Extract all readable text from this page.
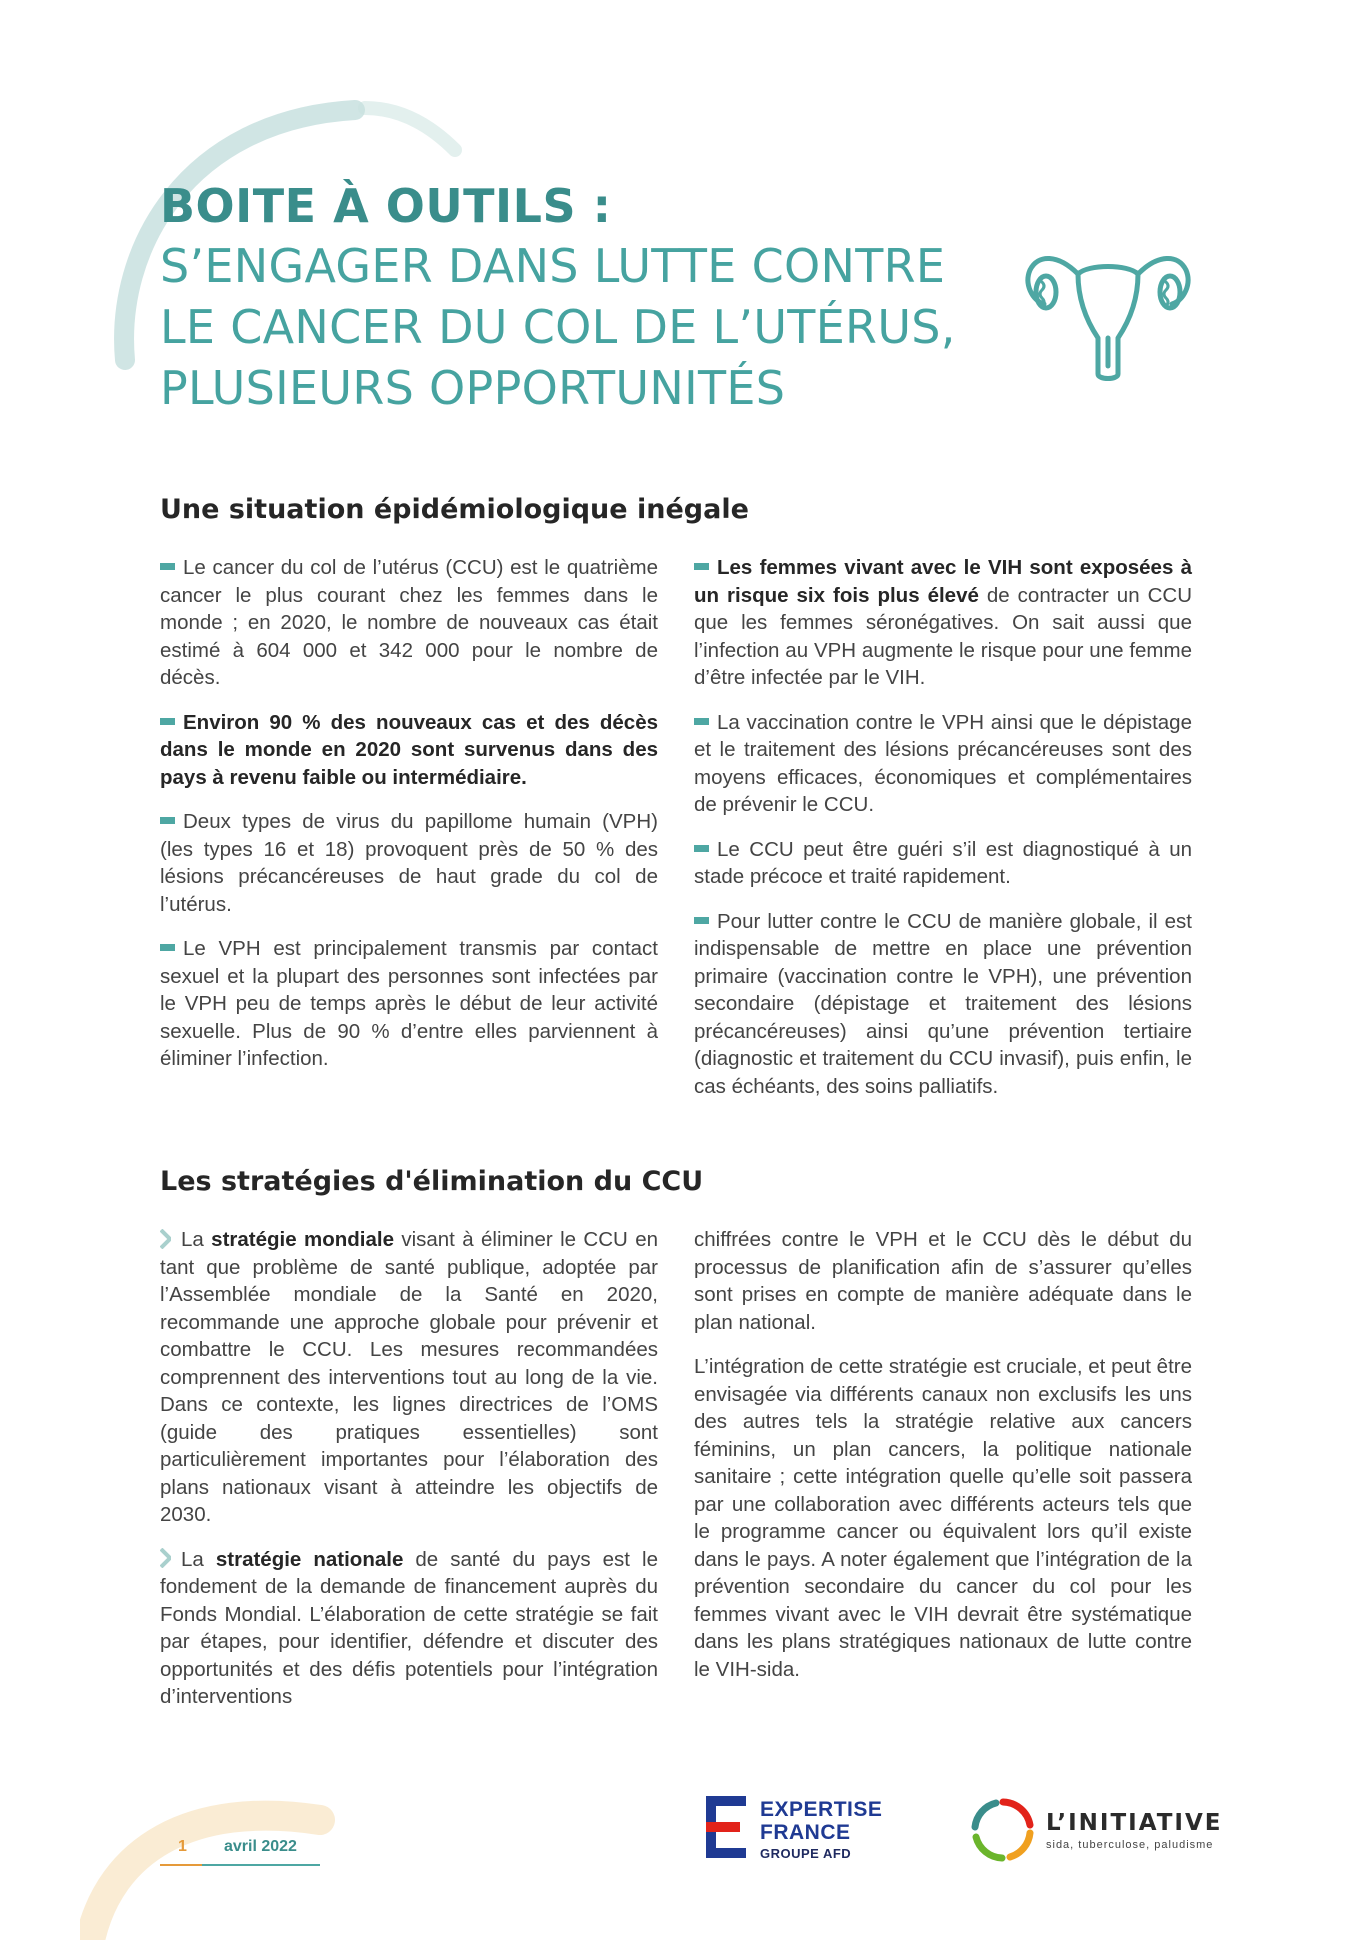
BOITE À OUTILS :
S’ENGAGER DANS LUTTE CONTRE
LE CANCER DU COL DE L’UTÉRUS,
PLUSIEURS OPPORTUNITÉS
Une situation épidémiologique inégale

Le cancer du col de l’utérus (CCU) est le quatrième cancer le plus courant chez les femmes dans le monde ; en 2020, le nombre de nouveaux cas était estimé à 604 000 et 342 000 pour le nombre de décès.

Environ 90 % des nouveaux cas et des décès dans le monde en 2020 sont survenus dans des pays à revenu faible ou intermédiaire.

Deux types de virus du papillome humain (VPH) (les types 16 et 18) provoquent près de 50 % des lésions précancéreuses de haut grade du col de l’utérus.

Le VPH est principalement transmis par contact sexuel et la plupart des personnes sont infectées par le VPH peu de temps après le début de leur activité sexuelle. Plus de 90 % d’entre elles parviennent à éliminer l’infection.

Les femmes vivant avec le VIH sont exposées à un risque six fois plus élevé de contracter un CCU que les femmes séronégatives. On sait aussi que l’infection au VPH augmente le risque pour une femme d’être infectée par le VIH.

La vaccination contre le VPH ainsi que le dépistage et le traitement des lésions précancéreuses sont des moyens efficaces, économiques et complémentaires de prévenir le CCU.

Le CCU peut être guéri s’il est diagnostiqué à un stade précoce et traité rapidement.

Pour lutter contre le CCU de manière globale, il est indispensable de mettre en place une prévention primaire (vaccination contre le VPH), une prévention secondaire (dépistage et traitement des lésions précancéreuses) ainsi qu’une prévention tertiaire (diagnostic et traitement du CCU invasif), puis enfin, le cas échéants, des soins palliatifs.

Les stratégies d'élimination du CCU

La stratégie mondiale visant à éliminer le CCU en tant que problème de santé publique, adoptée par l’Assemblée mondiale de la Santé en 2020, recommande une approche globale pour prévenir et combattre le CCU. Les mesures recommandées comprennent des interventions tout au long de la vie. Dans ce contexte, les lignes directrices de l’OMS (guide des pratiques essentielles) sont particulièrement importantes pour l’élaboration des plans nationaux visant à atteindre les objectifs de 2030.

La stratégie nationale de santé du pays est le fondement de la demande de financement auprès du Fonds Mondial. L’élaboration de cette stratégie se fait par étapes, pour identifier, défendre et discuter des opportunités et des défis potentiels pour l’intégration d’interventions

chiffrées contre le VPH et le CCU dès le début du processus de planification afin de s’assurer qu’elles sont prises en compte de manière adéquate dans le plan national.

L’intégration de cette stratégie est cruciale, et peut être envisagée via différents canaux non exclusifs les uns des autres tels la stratégie relative aux cancers féminins, un plan cancers, la politique nationale sanitaire ; cette intégration quelle qu’elle soit passera par une collaboration avec différents acteurs tels que le programme cancer ou équivalent lors qu’il existe dans le pays. A noter également que l’intégration de la prévention secondaire du cancer du col pour les femmes vivant avec le VIH devrait être systématique dans les plans stratégiques nationaux de lutte contre le VIH-sida.

1 avril 2022
EXPERTISE
FRANCE
GROUPE AFD
L’INITIATIVE
sida, tuberculose, paludisme
